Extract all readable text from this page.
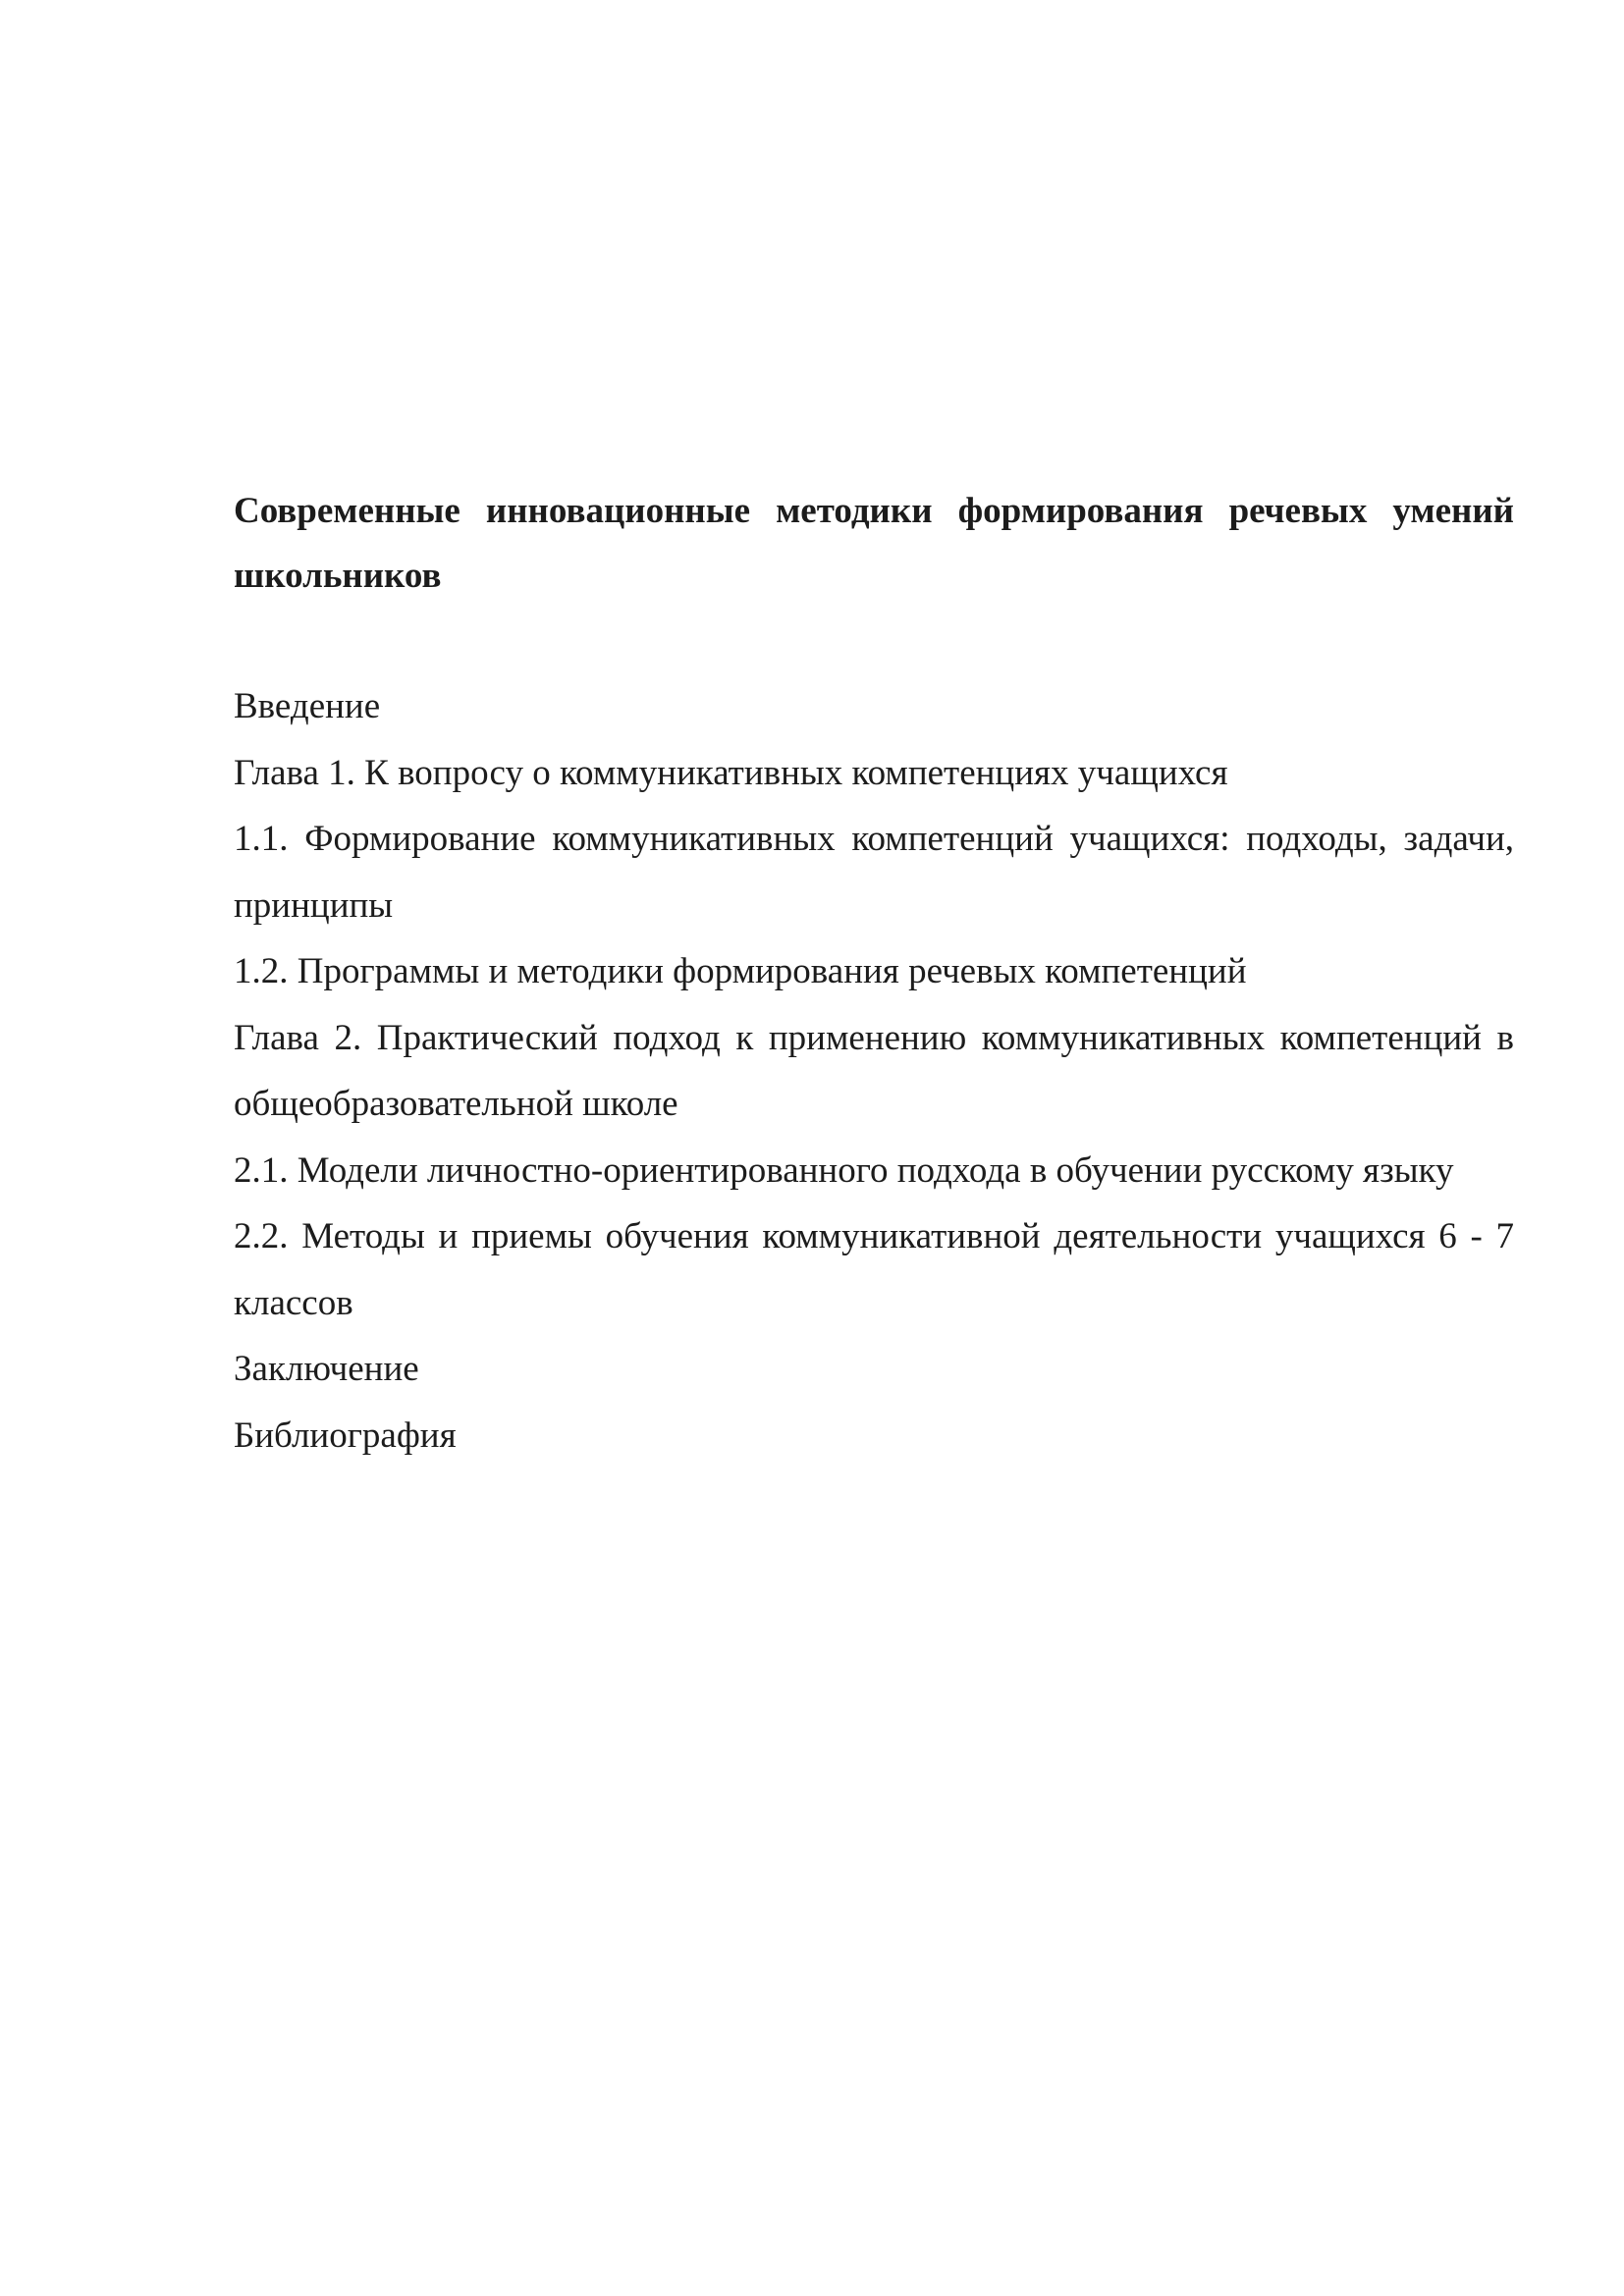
Современные инновационные методики формирования речевых умений школьников

Введение

Глава 1. К вопросу о коммуникативных компетенциях учащихся

1.1. Формирование коммуникативных компетенций учащихся: подходы, задачи, принципы

1.2. Программы и методики формирования речевых компетенций

Глава 2. Практический подход к применению коммуникативных компетенций в общеобразовательной школе

2.1. Модели личностно-ориентированного подхода в обучении русскому языку

2.2. Методы и приемы обучения коммуникативной деятельности учащихся 6 - 7 классов

Заключение

Библиография
